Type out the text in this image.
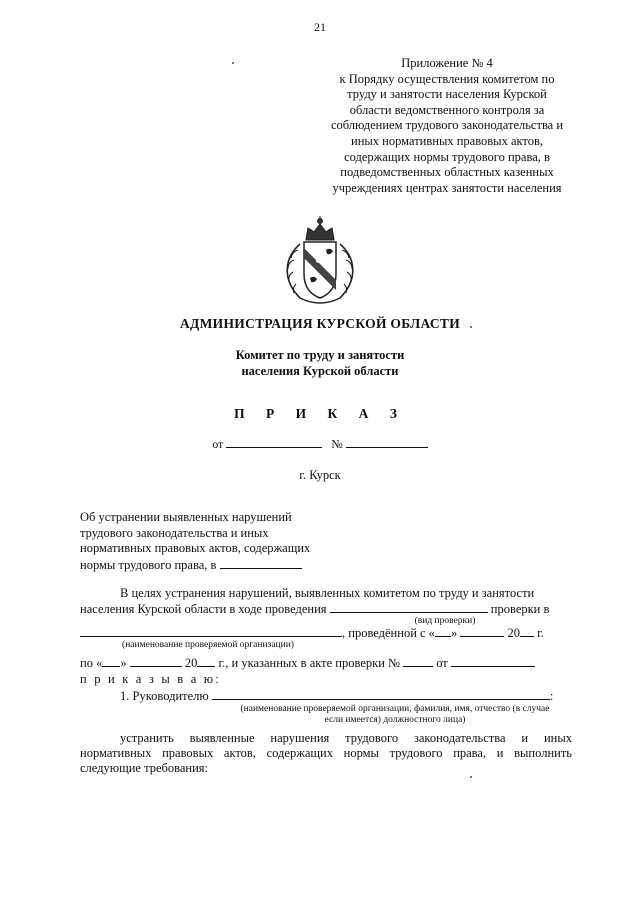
21
Приложение № 4
к Порядку осуществления комитетом по
труду и занятости населения Курской
области ведомственного контроля за
соблюдением трудового законодательства и
иных нормативных правовых актов,
содержащих нормы трудового права, в
подведомственных областных казенных
учреждениях центрах занятости населения
АДМИНИСТРАЦИЯ КУРСКОЙ ОБЛАСТИ
Комитет по труду и занятости
населения Курской области
П Р И К А З
от	№
г. Курск
Об устранении выявленных нарушений
трудового законодательства и иных
нормативных правовых актов, содержащих
нормы трудового права, в
В целях устранения нарушений, выявленных комитетом по труду и занятости
населения Курской области в ходе проведения	проверки в
(вид проверки)
, проведённой с « »	20 г.
(наименование проверяемой организации)
по « »	20 г., и указанных в акте проверки №	от
п р и к а з ы в а ю:
1. Руководителю	:
(наименование проверяемой организации, фамилия, имя, отчество (в случае
если имеется) должностного лица)
устранить выявленные нарушения трудового законодательства и иных
нормативных правовых актов, содержащих нормы трудового права, и выполнить
следующие требования:
